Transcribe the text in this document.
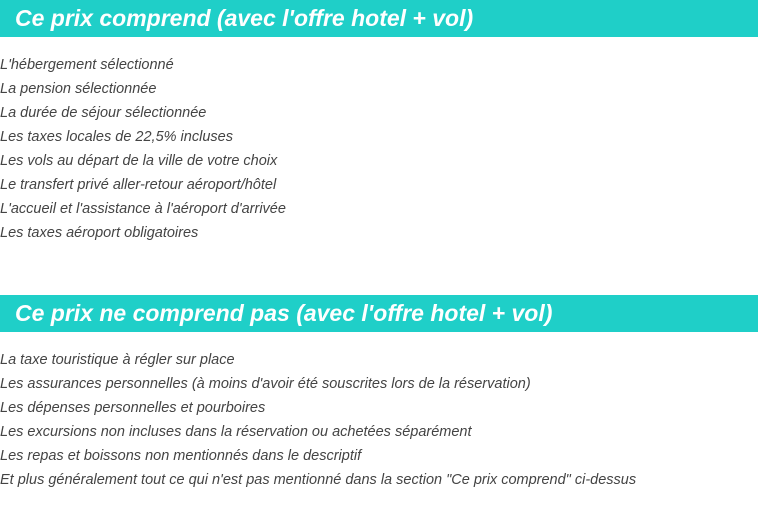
Ce prix comprend (avec l'offre hotel + vol)
L'hébergement sélectionné
La pension sélectionnée
La durée de séjour sélectionnée
Les taxes locales de 22,5% incluses
Les vols au départ de la ville de votre choix
Le transfert privé aller-retour aéroport/hôtel
L'accueil et l'assistance à l'aéroport d'arrivée
Les taxes aéroport obligatoires
Ce prix ne comprend pas (avec l'offre hotel + vol)
La taxe touristique à régler sur place
Les assurances personnelles (à moins d'avoir été souscrites lors de la réservation)
Les dépenses personnelles et pourboires
Les excursions non incluses dans la réservation ou achetées séparément
Les repas et boissons non mentionnés dans le descriptif
Et plus généralement tout ce qui n'est pas mentionné dans la section "Ce prix comprend" ci-dessus
